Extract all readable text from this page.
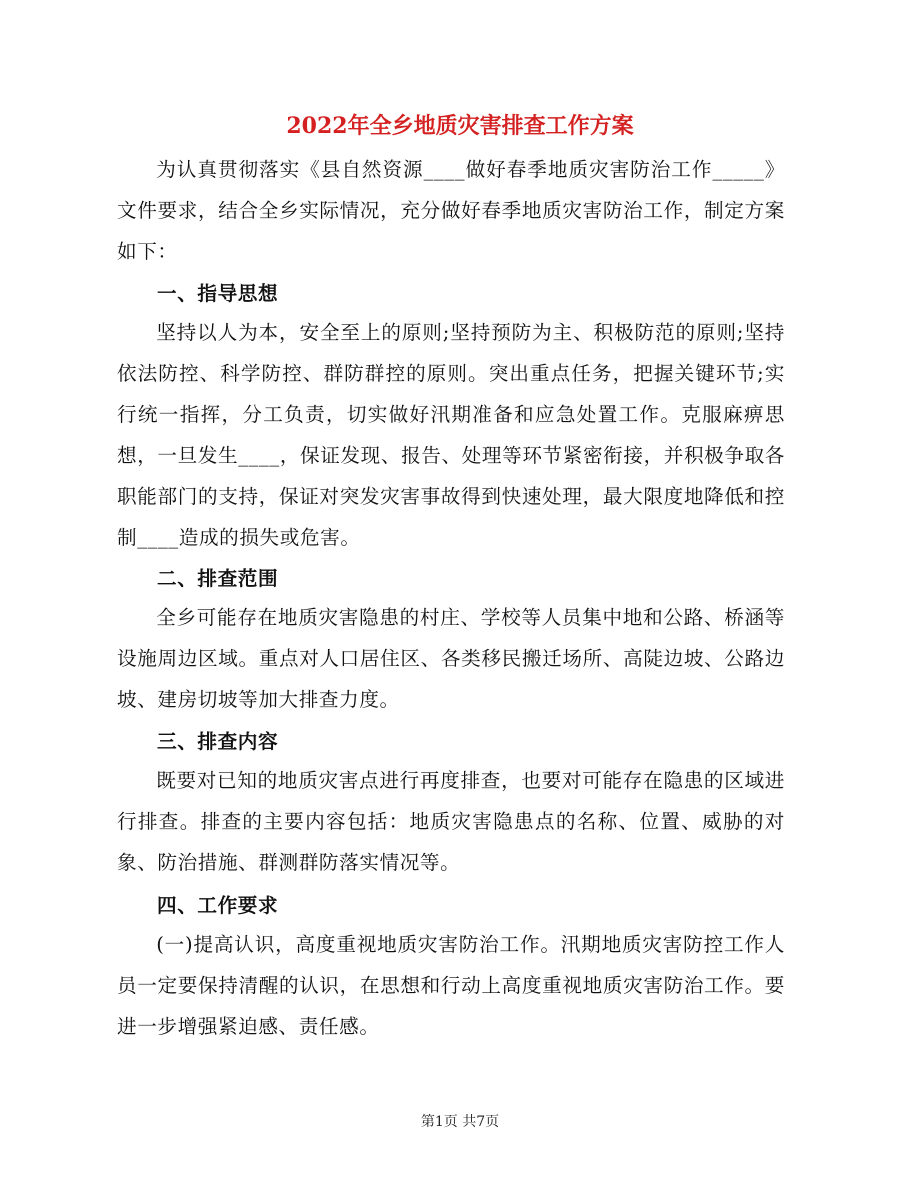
2022年全乡地质灾害排查工作方案

为认真贯彻落实《县自然资源____做好春季地质灾害防治工作_____》文件要求，结合全乡实际情况，充分做好春季地质灾害防治工作，制定方案如下：

一、指导思想

坚持以人为本，安全至上的原则;坚持预防为主、积极防范的原则;坚持依法防控、科学防控、群防群控的原则。突出重点任务，把握关键环节;实行统一指挥，分工负责，切实做好汛期准备和应急处置工作。克服麻痹思想，一旦发生____，保证发现、报告、处理等环节紧密衔接，并积极争取各职能部门的支持，保证对突发灾害事故得到快速处理，最大限度地降低和控制____造成的损失或危害。

二、排查范围

全乡可能存在地质灾害隐患的村庄、学校等人员集中地和公路、桥涵等设施周边区域。重点对人口居住区、各类移民搬迁场所、高陡边坡、公路边坡、建房切坡等加大排查力度。

三、排查内容

既要对已知的地质灾害点进行再度排查，也要对可能存在隐患的区域进行排查。排查的主要内容包括：地质灾害隐患点的名称、位置、威胁的对象、防治措施、群测群防落实情况等。

四、工作要求

(一)提高认识，高度重视地质灾害防治工作。汛期地质灾害防控工作人员一定要保持清醒的认识，在思想和行动上高度重视地质灾害防治工作。要进一步增强紧迫感、责任感。

第1页 共7页
